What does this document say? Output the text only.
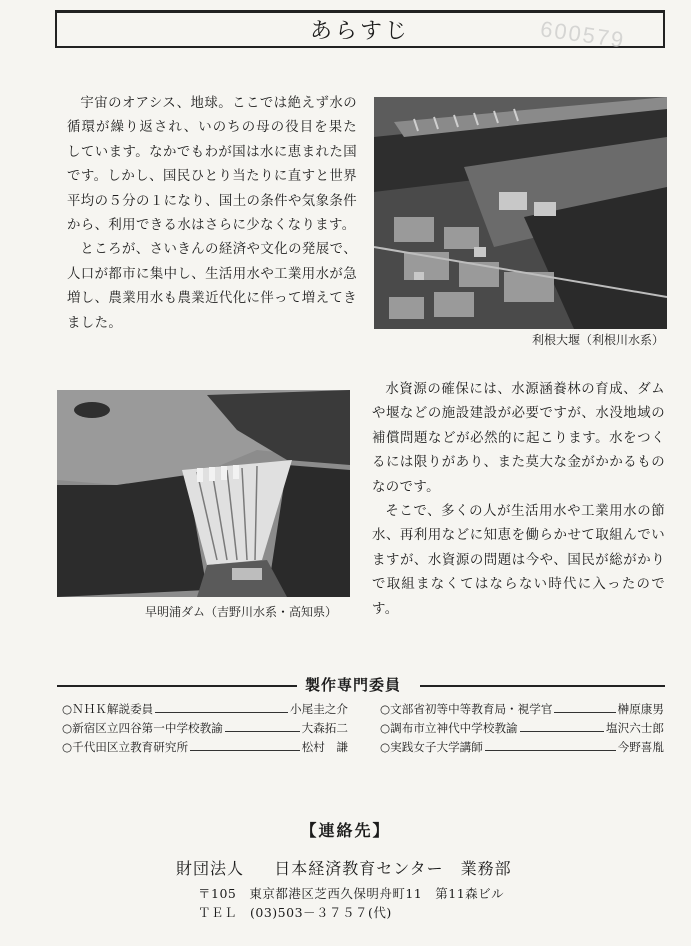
あらすじ	600579

宇宙のオアシス、地球。ここでは絶えず水の循環が繰り返され、いのちの母の役目を果たしています。なかでもわが国は水に恵まれた国です。しかし、国民ひとり当たりに直すと世界平均の５分の１になり、国土の条件や気象条件から、利用できる水はさらに少なくなります。

ところが、さいきんの経済や文化の発展で、人口が都市に集中し、生活用水や工業用水が急増し、農業用水も農業近代化に伴って増えてきました。

利根大堰（利根川水系）
早明浦ダム（吉野川水系・高知県）

水資源の確保には、水源涵養林の育成、ダムや堰などの施設建設が必要ですが、水没地域の補償問題などが必然的に起こります。水をつくるには限りがあり、また莫大な金がかかるものなのです。

そこで、多くの人が生活用水や工業用水の節水、再利用などに知恵を働らかせて取組んでいますが、水資源の問題は今や、国民が総がかりで取組まなくてはならない時代に入ったのです。

製作専門委員
○ＮＨＫ解説委員	小尾圭之介
○新宿区立四谷第一中学校教諭	大森拓二
○千代田区立教育研究所	松村　謙
○文部省初等中等教育局・視学官	榊原康男
○調布市立神代中学校教諭	塩沢六士郎
○実践女子大学講師	今野喜胤
【連絡先】
財団法人 日本経済教育センター　業務部
〒105　東京都港区芝西久保明舟町11　第11森ビル
ＴＥＬ　(03)503－３７５７(代)
